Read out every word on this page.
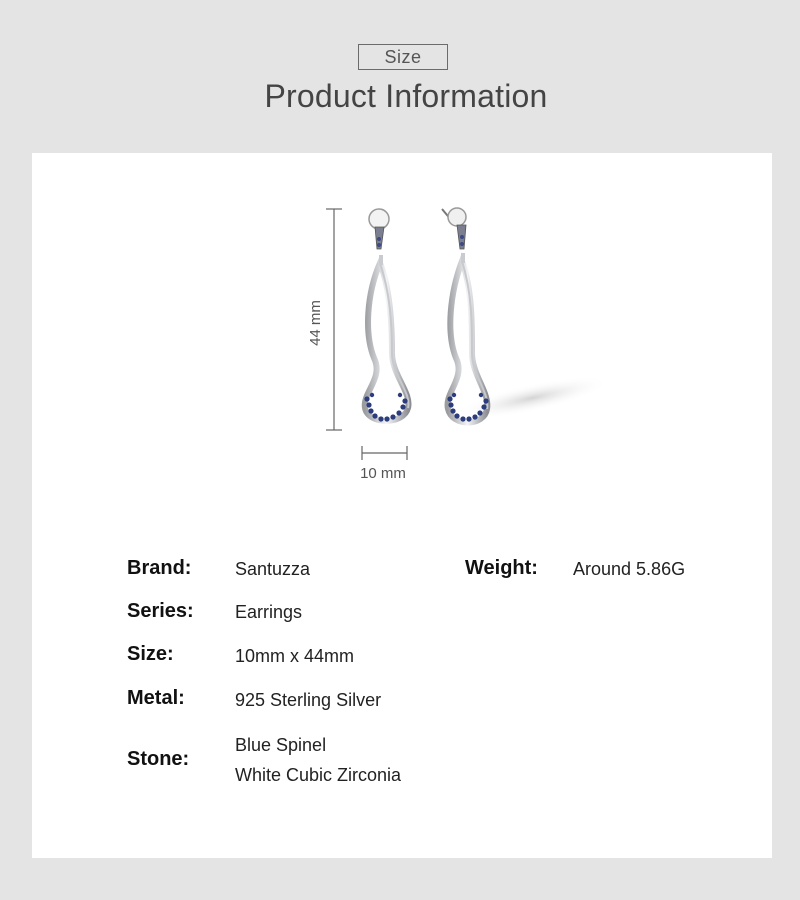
Size
Product Information
44 mm
10 mm
Brand: Santuzza	Weight: Around 5.86G
Series: Earrings
Size:	10mm x 44mm
Metal:	925 Sterling Silver
Stone:
Blue Spinel
White Cubic Zirconia
